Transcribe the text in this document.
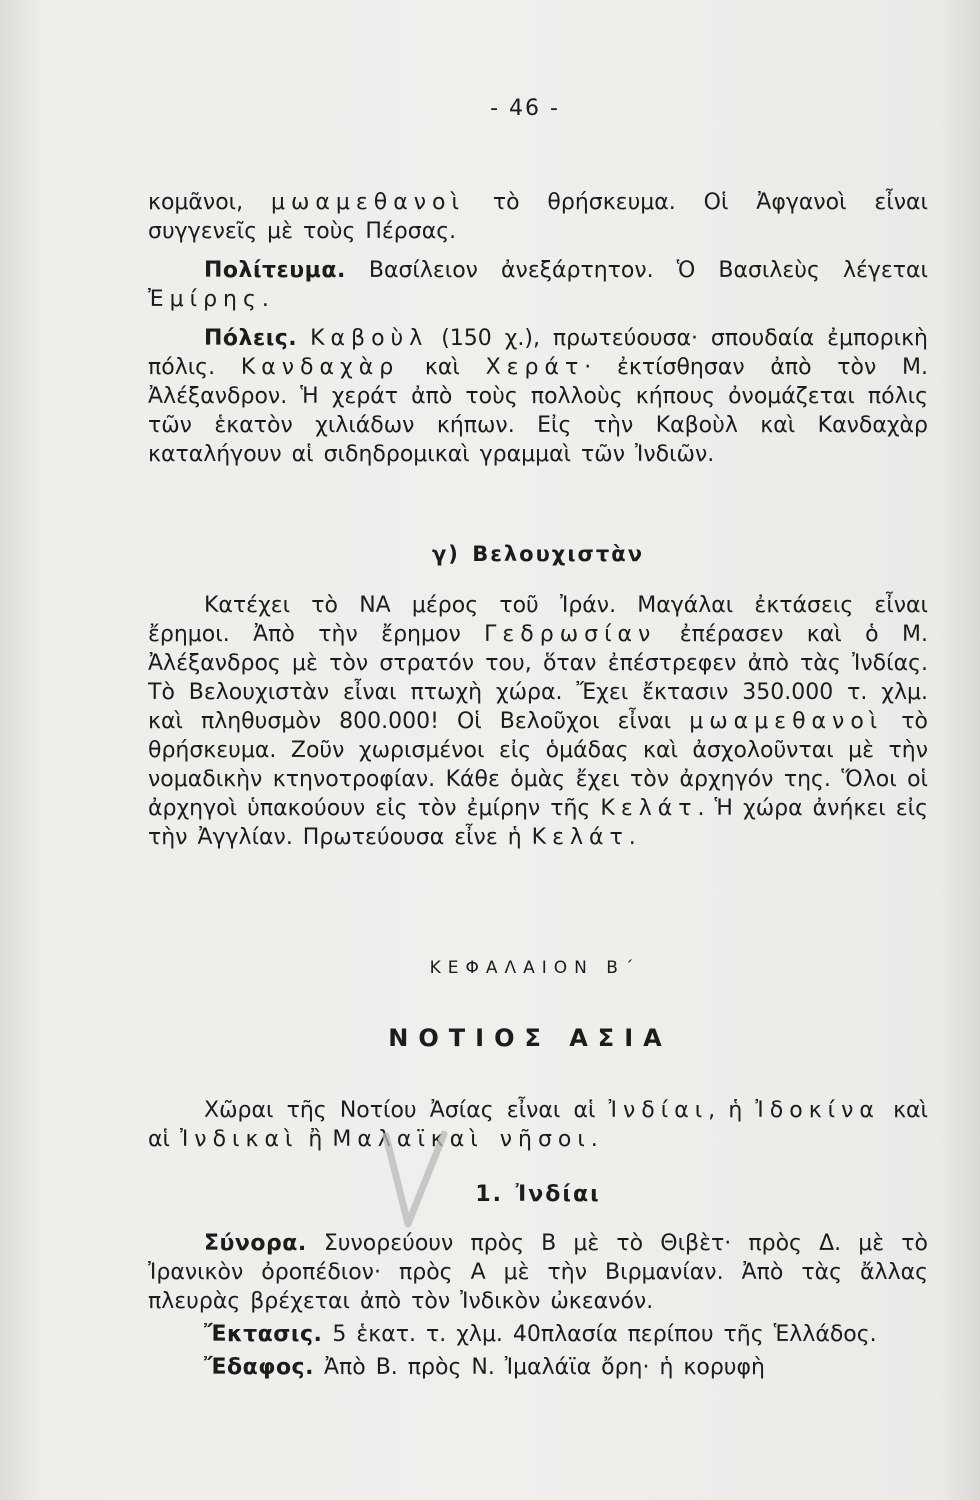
- 46 -

κομᾶνοι, μωαμεθανοὶ τὸ θρήσκευμα. Οἱ Ἀφγανοὶ εἶναι συγγενεῖς μὲ τοὺς Πέρσας.

Πολίτευμα. Βασίλειον ἀνεξάρτητον. Ὁ Βασιλεὺς λέγεται Ἐμίρης.

Πόλεις. Καβοὺλ (150 χ.), πρωτεύουσα· σπουδαία ἐμπορικὴ πόλις. Κανδαχὰρ καὶ Χεράτ· ἐκτίσθησαν ἀπὸ τὸν Μ. Ἀλέξανδρον. Ἡ χεράτ ἀπὸ τοὺς πολλοὺς κήπους ὀνομάζεται πόλις τῶν ἑκατὸν χιλιάδων κήπων. Εἰς τὴν Καβοὺλ καὶ Κανδαχὰρ καταλήγουν αἱ σιδηδρομικαὶ γραμμαὶ τῶν Ἰνδιῶν.

γ) Βελουχιστὰν

Κατέχει τὸ ΝΑ μέρος τοῦ Ἰράν. Μαγάλαι ἐκτάσεις εἶναι ἔρημοι. Ἀπὸ τὴν ἔρημον Γεδρωσίαν ἐπέρασεν καὶ ὁ Μ. Ἀλέξανδρος μὲ τὸν στρατόν του, ὅταν ἐπέστρεφεν ἀπὸ τὰς Ἰνδίας. Τὸ Βελουχιστὰν εἶναι πτωχὴ χώρα. Ἔχει ἔκτασιν 350.000 τ. χλμ. καὶ πληθυσμὸν 800.000! Οἱ Βελοῦχοι εἶναι μωαμεθανοὶ τὸ θρήσκευμα. Ζοῦν χωρισμένοι εἰς ὁμάδας καὶ ἀσχολοῦνται μὲ τὴν νομαδικὴν κτηνοτροφίαν. Κάθε ὁμὰς ἔχει τὸν ἀρχηγόν της. Ὅλοι οἱ ἀρχηγοὶ ὑπακούουν εἰς τὸν ἐμίρην τῆς Κελάτ. Ἡ χώρα ἀνήκει εἰς τὴν Ἀγγλίαν. Πρωτεύουσα εἶνε ἡ Κελάτ.

ΚΕΦΑΛΑΙΟΝ Β΄
ΝΟΤΙΟΣ ΑΣΙΑ

Χῶραι τῆς Νοτίου Ἀσίας εἶναι αἱ Ἰνδίαι, ἡ Ἰδοκίνα καὶ αἱ Ἰνδικαὶ ἢ Μαλαϊκαὶ νῆσοι.

1. Ἰνδίαι

Σύνορα. Συνορεύουν πρὸς Β μὲ τὸ Θιβὲτ· πρὸς Δ. μὲ τὸ Ἰρανικὸν ὀροπέδιον· πρὸς Α μὲ τὴν Βιρμανίαν. Ἀπὸ τὰς ἄλλας πλευρὰς βρέχεται ἀπὸ τὸν Ἰνδικὸν ὠκεανόν.

Ἔκτασις. 5 ἑκατ. τ. χλμ. 40πλασία περίπου τῆς Ἑλλάδος.

Ἔδαφος. Ἀπὸ Β. πρὸς Ν. Ἰμαλάϊα ὄρη· ἡ κορυφὴ
